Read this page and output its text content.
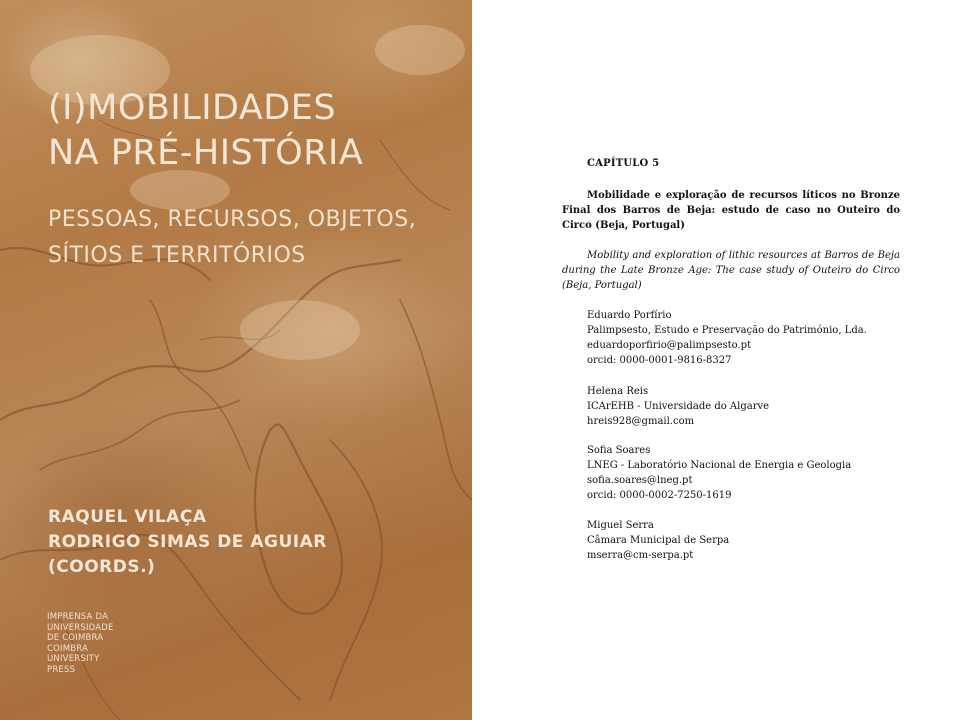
(I)MOBILIDADES
NA PRÉ-HISTÓRIA
PESSOAS, RECURSOS, OBJETOS,
SÍTIOS E TERRITÓRIOS
RAQUEL VILAÇA
RODRIGO SIMAS DE AGUIAR
(COORDS.)
IMPRENSA DA
UNIVERSIDADE
DE COIMBRA
COIMBRA
UNIVERSITY
PRESS
CAPÍTULO 5
Mobilidade e exploração de recursos líticos no Bronze Final dos Barros de Beja: estudo de caso no Outeiro do Circo (Beja, Portugal)
Mobility and exploration of lithic resources at Barros de Beja during the Late Bronze Age: The case study of Outeiro do Circo (Beja, Portugal)
Eduardo Porfírio
Palimpsesto, Estudo e Preservação do Património, Lda.
eduardoporfirio@palimpsesto.pt
orcid: 0000-0001-9816-8327
Helena Reis
ICArEHB - Universidade do Algarve
hreis928@gmail.com
Sofia Soares
LNEG - Laboratório Nacional de Energia e Geologia
sofia.soares@lneg.pt
orcid: 0000-0002-7250-1619
Miguel Serra
Câmara Municipal de Serpa
mserra@cm-serpa.pt
